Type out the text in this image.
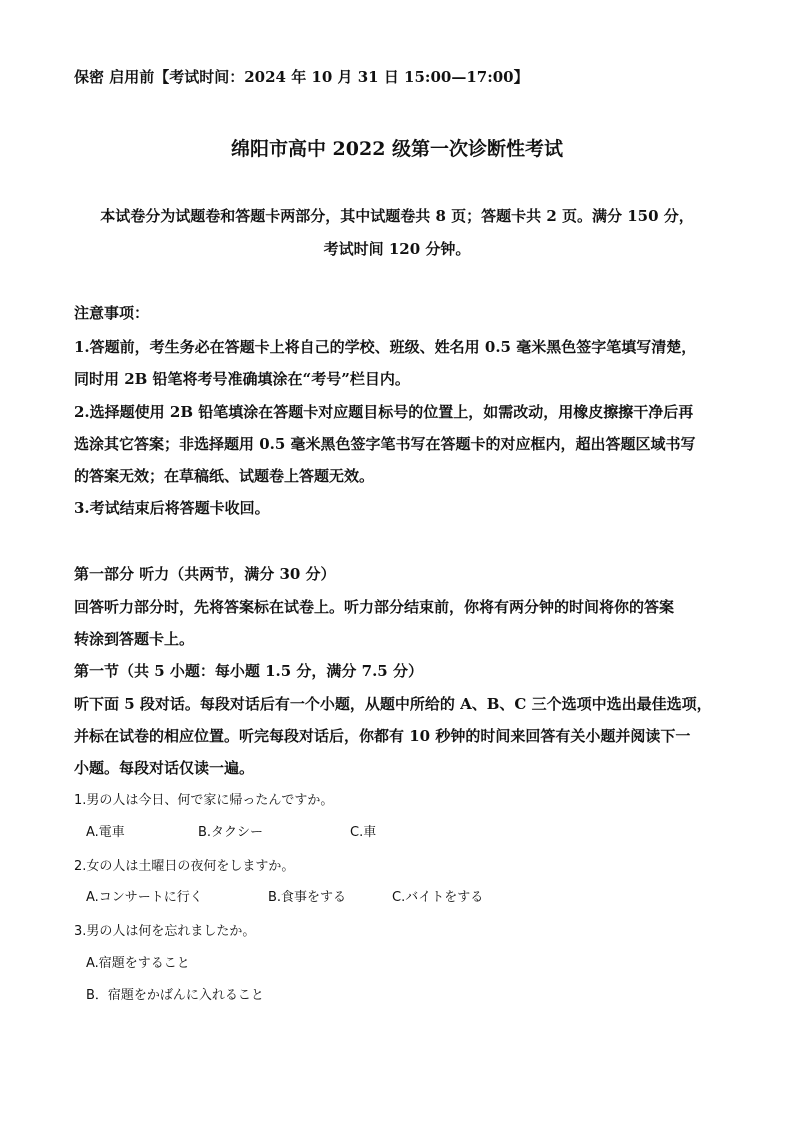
保密 启用前【考试时间：2024 年 10 月 31 日 15:00—17:00】
绵阳市高中 2022 级第一次诊断性考试
本试卷分为试题卷和答题卡两部分，其中试题卷共 8 页；答题卡共 2 页。满分 150 分，
考试时间 120 分钟。
注意事项：
1.答题前，考生务必在答题卡上将自己的学校、班级、姓名用 0.5 毫米黑色签字笔填写清楚，
同时用 2B 铅笔将考号准确填涂在“考号”栏目内。
2.选择题使用 2B 铅笔填涂在答题卡对应题目标号的位置上，如需改动，用橡皮擦擦干净后再
选涂其它答案；非选择题用 0.5 毫米黑色签字笔书写在答题卡的对应框内，超出答题区域书写
的答案无效；在草稿纸、试题卷上答题无效。
3.考试结束后将答题卡收回。
第一部分 听力（共两节，满分 30 分）
回答听力部分时，先将答案标在试卷上。听力部分结束前，你将有两分钟的时间将你的答案
转涂到答题卡上。
第一节（共 5 小题：每小题 1.5 分，满分 7.5 分）
听下面 5 段对话。每段对话后有一个小题，从题中所给的 A、B、C 三个选项中选出最佳选项，
并标在试卷的相应位置。听完每段对话后，你都有 10 秒钟的时间来回答有关小题并阅读下一
小题。每段对话仅读一遍。
1.男の人は今日、何で家に帰ったんですか。
A.電車	B.タクシー	C.車
2.女の人は土曜日の夜何をしますか。
A.コンサートに行く	B.食事をする	C.バイトをする
3.男の人は何を忘れましたか。
A.宿題をすること
B．宿題をかばんに入れること
